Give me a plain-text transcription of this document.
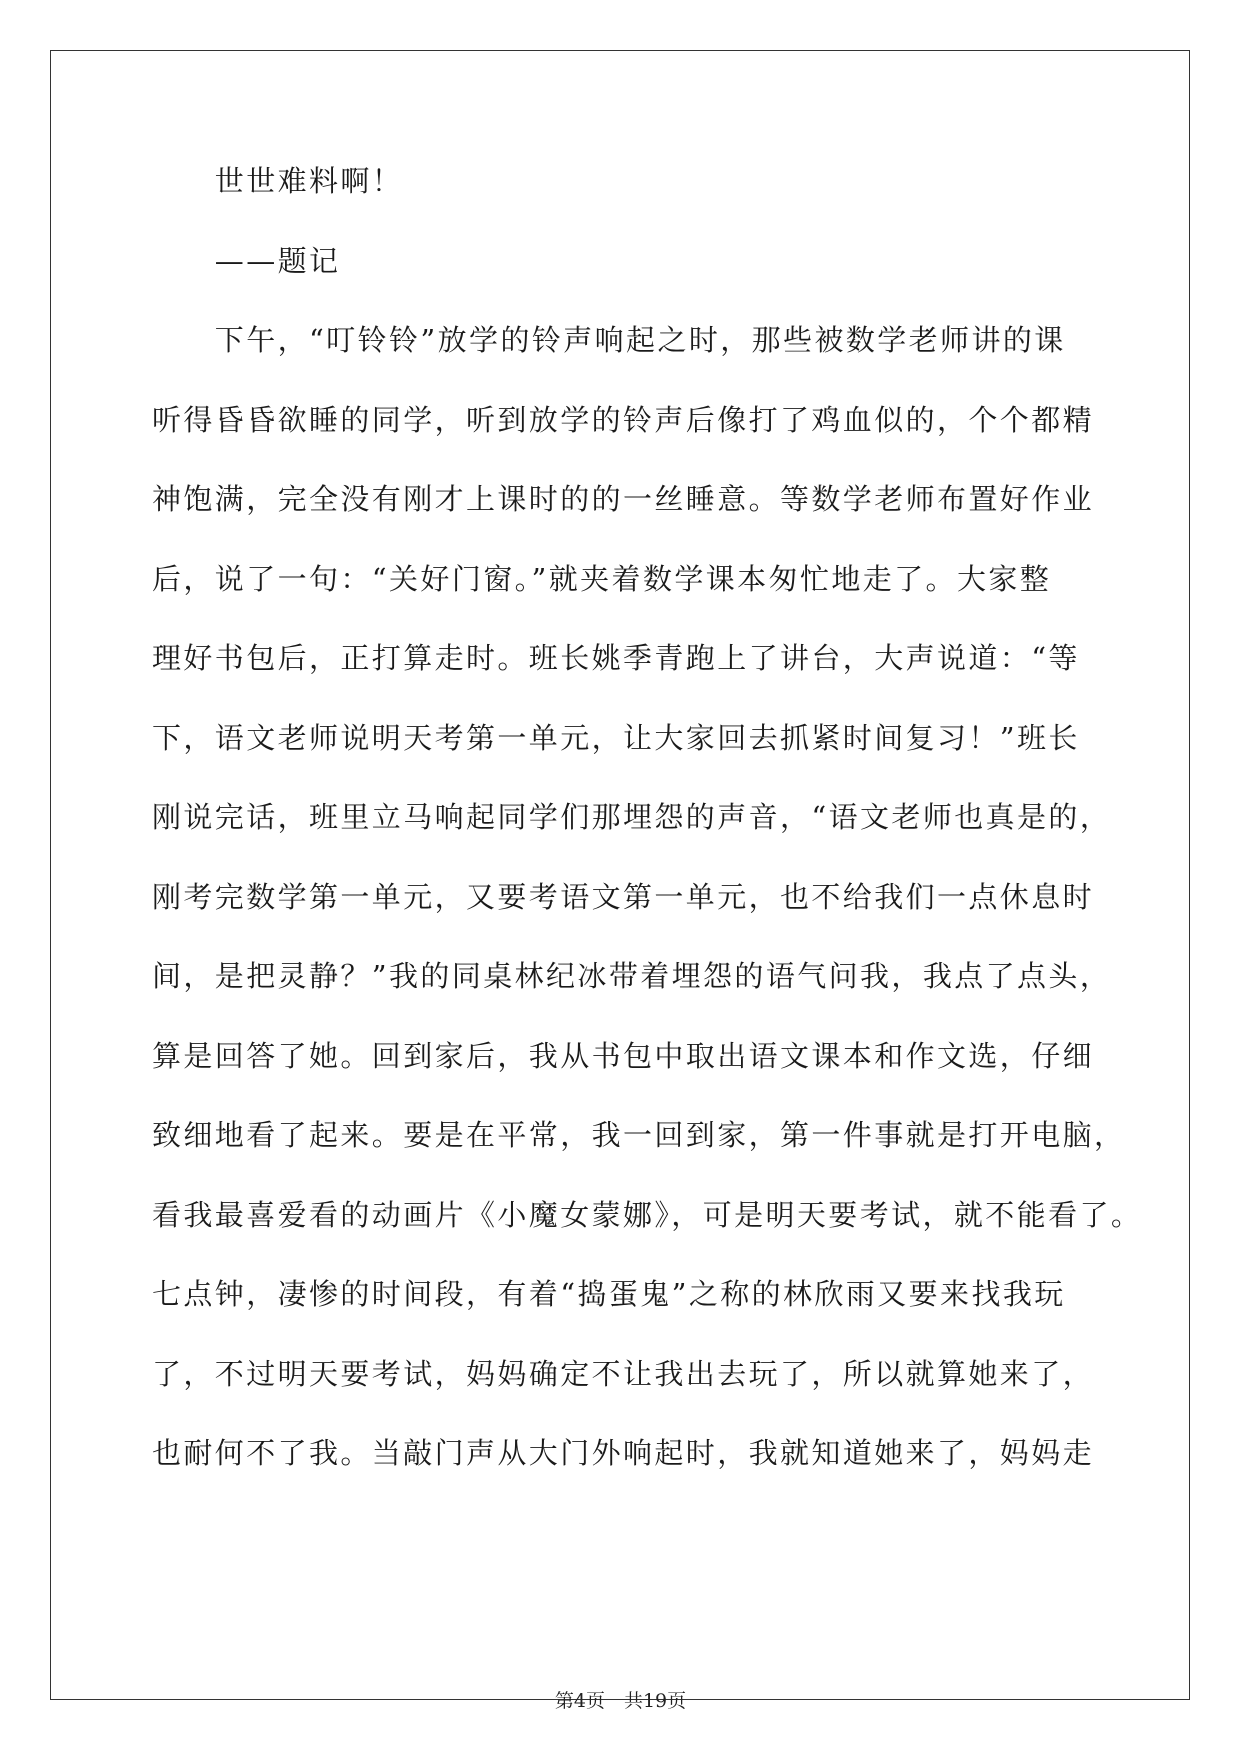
　　世世难料啊！
　　——题记
　　下午，“叮铃铃”放学的铃声响起之时，那些被数学老师讲的课
听得昏昏欲睡的同学，听到放学的铃声后像打了鸡血似的，个个都精
神饱满，完全没有刚才上课时的的一丝睡意。等数学老师布置好作业
后，说了一句：“关好门窗。”就夹着数学课本匆忙地走了。大家整
理好书包后，正打算走时。班长姚季青跑上了讲台，大声说道：“等
下，语文老师说明天考第一单元，让大家回去抓紧时间复习！”班长
刚说完话，班里立马响起同学们那埋怨的声音，“语文老师也真是的，
刚考完数学第一单元，又要考语文第一单元，也不给我们一点休息时
间，是把灵静？”我的同桌林纪冰带着埋怨的语气问我，我点了点头，
算是回答了她。回到家后，我从书包中取出语文课本和作文选，仔细
致细地看了起来。要是在平常，我一回到家，第一件事就是打开电脑，
看我最喜爱看的动画片《小魔女蒙娜》，可是明天要考试，就不能看了。
七点钟，凄惨的时间段，有着“捣蛋鬼”之称的林欣雨又要来找我玩
了，不过明天要考试，妈妈确定不让我出去玩了，所以就算她来了，
也耐何不了我。当敲门声从大门外响起时，我就知道她来了，妈妈走
第4页　共19页
